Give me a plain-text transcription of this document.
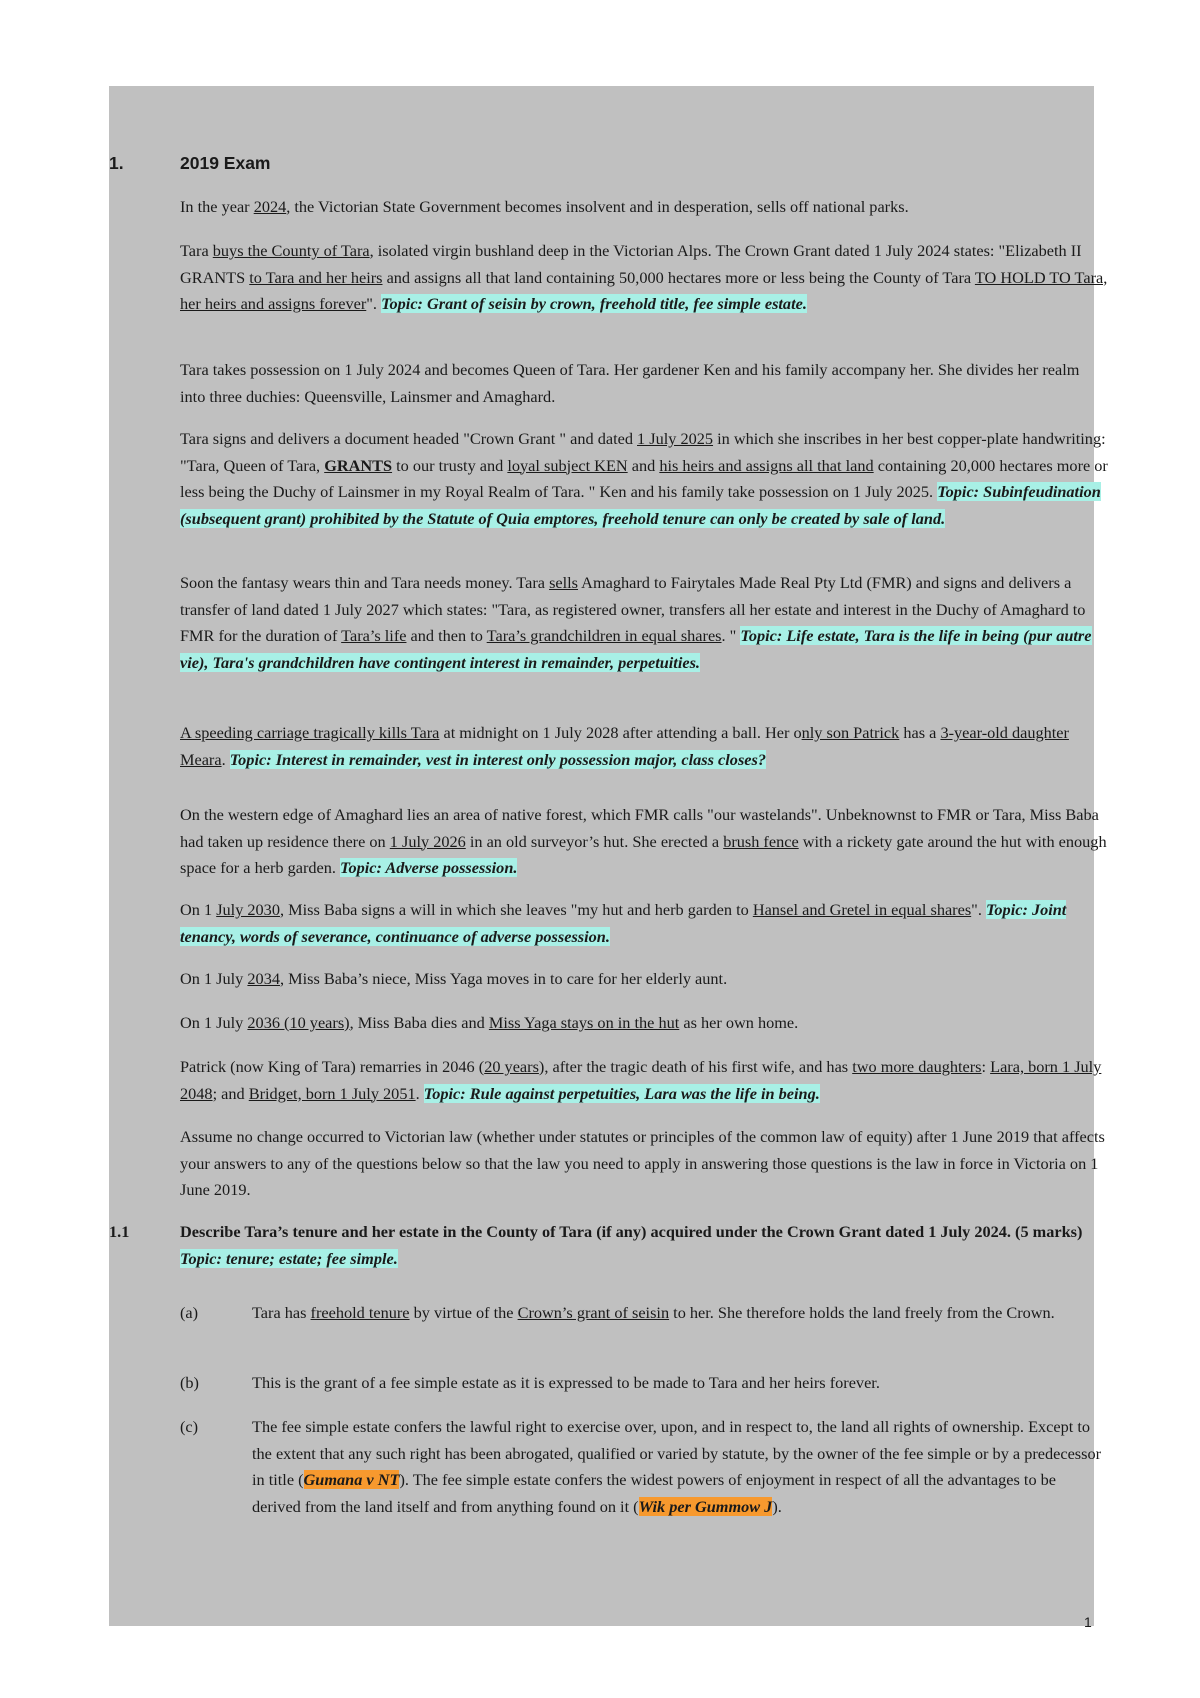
1.	2019 Exam

In the year 2024, the Victorian State Government becomes insolvent and in desperation, sells off national parks.

Tara buys the County of Tara, isolated virgin bushland deep in the Victorian Alps. The Crown Grant dated 1 July 2024 states: "Elizabeth II GRANTS to Tara and her heirs and assigns all that land containing 50,000 hectares more or less being the County of Tara TO HOLD TO Tara, her heirs and assigns forever". Topic: Grant of seisin by crown, freehold title, fee simple estate.

Tara takes possession on 1 July 2024 and becomes Queen of Tara. Her gardener Ken and his family accompany her. She divides her realm into three duchies: Queensville, Lainsmer and Amaghard.

Tara signs and delivers a document headed "Crown Grant " and dated 1 July 2025 in which she inscribes in her best copper-plate handwriting: "Tara, Queen of Tara, GRANTS to our trusty and loyal subject KEN and his heirs and assigns all that land containing 20,000 hectares more or less being the Duchy of Lainsmer in my Royal Realm of Tara. " Ken and his family take possession on 1 July 2025. Topic: Subinfeudination (subsequent grant) prohibited by the Statute of Quia emptores, freehold tenure can only be created by sale of land.

Soon the fantasy wears thin and Tara needs money. Tara sells Amaghard to Fairytales Made Real Pty Ltd (FMR) and signs and delivers a transfer of land dated 1 July 2027 which states: "Tara, as registered owner, transfers all her estate and interest in the Duchy of Amaghard to FMR for the duration of Tara’s life and then to Tara’s grandchildren in equal shares. " Topic: Life estate, Tara is the life in being (pur autre vie), Tara's grandchildren have contingent interest in remainder, perpetuities.

A speeding carriage tragically kills Tara at midnight on 1 July 2028 after attending a ball. Her only son Patrick has a 3-year-old daughter Meara. Topic: Interest in remainder, vest in interest only possession major, class closes?

On the western edge of Amaghard lies an area of native forest, which FMR calls "our wastelands". Unbeknownst to FMR or Tara, Miss Baba had taken up residence there on 1 July 2026 in an old surveyor’s hut. She erected a brush fence with a rickety gate around the hut with enough space for a herb garden. Topic: Adverse possession.

On 1 July 2030, Miss Baba signs a will in which she leaves "my hut and herb garden to Hansel and Gretel in equal shares". Topic: Joint tenancy, words of severance, continuance of adverse possession.

On 1 July 2034, Miss Baba’s niece, Miss Yaga moves in to care for her elderly aunt.

On 1 July 2036 (10 years), Miss Baba dies and Miss Yaga stays on in the hut as her own home.

Patrick (now King of Tara) remarries in 2046 (20 years), after the tragic death of his first wife, and has two more daughters: Lara, born 1 July 2048; and Bridget, born 1 July 2051. Topic: Rule against perpetuities, Lara was the life in being.

Assume no change occurred to Victorian law (whether under statutes or principles of the common law of equity) after 1 June 2019 that affects your answers to any of the questions below so that the law you need to apply in answering those questions is the law in force in Victoria on 1 June 2019.

1.1	Describe Tara’s tenure and her estate in the County of Tara (if any) acquired under the Crown Grant dated 1 July 2024. (5 marks) Topic: tenure; estate; fee simple.

(a)	Tara has freehold tenure by virtue of the Crown’s grant of seisin to her. She therefore holds the land freely from the Crown.

(b)	This is the grant of a fee simple estate as it is expressed to be made to Tara and her heirs forever.

(c)	The fee simple estate confers the lawful right to exercise over, upon, and in respect to, the land all rights of ownership. Except to the extent that any such right has been abrogated, qualified or varied by statute, by the owner of the fee simple or by a predecessor in title (Gumana v NT). The fee simple estate confers the widest powers of enjoyment in respect of all the advantages to be derived from the land itself and from anything found on it (Wik per Gummow J).

1
